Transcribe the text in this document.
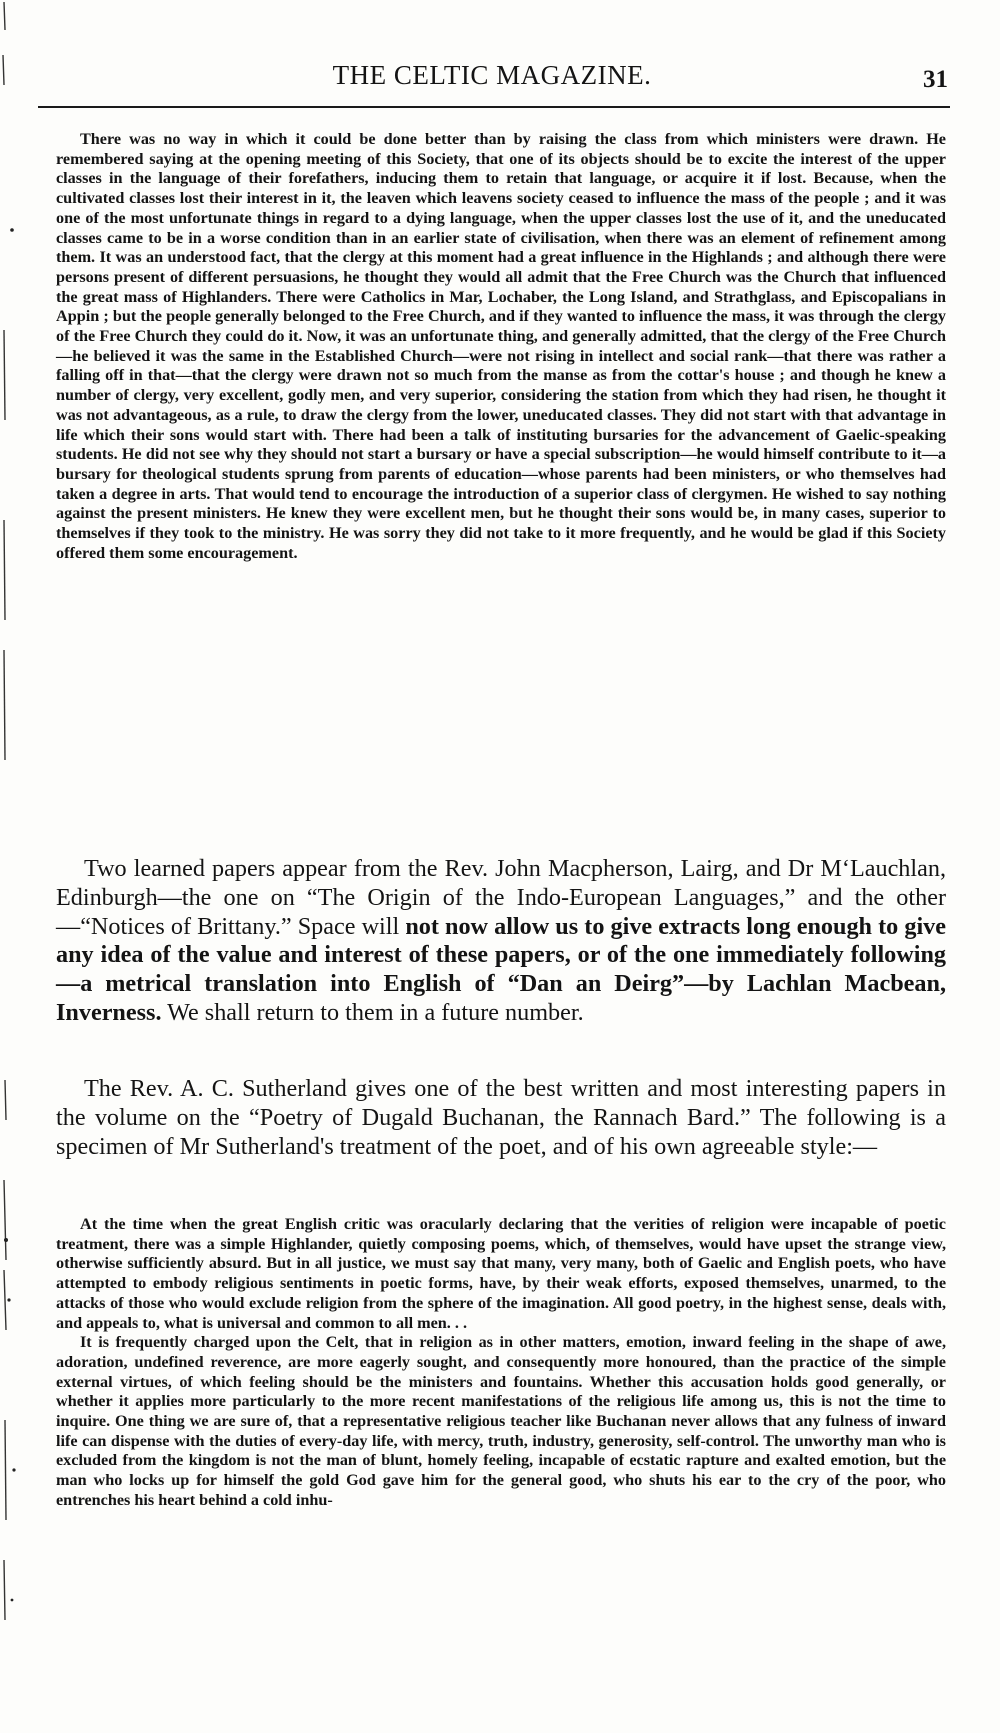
THE CELTIC MAGAZINE.	31

There was no way in which it could be done better than by raising the class from which ministers were drawn. He remembered saying at the opening meeting of this Society, that one of its objects should be to excite the interest of the upper classes in the language of their forefathers, inducing them to retain that language, or acquire it if lost. Because, when the cultivated classes lost their interest in it, the leaven which leavens society ceased to influence the mass of the people ; and it was one of the most unfortunate things in regard to a dying language, when the upper classes lost the use of it, and the uneducated classes came to be in a worse condition than in an earlier state of civilisation, when there was an element of refinement among them. It was an understood fact, that the clergy at this moment had a great influence in the Highlands ; and although there were persons present of different persuasions, he thought they would all admit that the Free Church was the Church that influenced the great mass of Highlanders. There were Catholics in Mar, Lochaber, the Long Island, and Strathglass, and Episcopalians in Appin ; but the people generally belonged to the Free Church, and if they wanted to influence the mass, it was through the clergy of the Free Church they could do it. Now, it was an unfortunate thing, and generally admitted, that the clergy of the Free Church—he believed it was the same in the Established Church—were not rising in intellect and social rank—that there was rather a falling off in that—that the clergy were drawn not so much from the manse as from the cottar's house ; and though he knew a number of clergy, very excellent, godly men, and very superior, considering the station from which they had risen, he thought it was not advantageous, as a rule, to draw the clergy from the lower, uneducated classes. They did not start with that advantage in life which their sons would start with. There had been a talk of instituting bursaries for the advancement of Gaelic-speaking students. He did not see why they should not start a bursary or have a special subscription—he would himself contribute to it—a bursary for theological students sprung from parents of education—whose parents had been ministers, or who themselves had taken a degree in arts. That would tend to encourage the introduction of a superior class of clergymen. He wished to say nothing against the present ministers. He knew they were excellent men, but he thought their sons would be, in many cases, superior to themselves if they took to the ministry. He was sorry they did not take to it more frequently, and he would be glad if this Society offered them some encouragement.

Two learned papers appear from the Rev. John Macpherson, Lairg, and Dr M‘Lauchlan, Edinburgh—the one on “The Origin of the Indo-European Languages,” and the other—“Notices of Brittany.” Space will not now allow us to give extracts long enough to give any idea of the value and interest of these papers, or of the one immediately following—a metrical translation into English of “Dan an Deirg”—by Lachlan Macbean, Inverness. We shall return to them in a future number.

The Rev. A. C. Sutherland gives one of the best written and most interesting papers in the volume on the “Poetry of Dugald Buchanan, the Rannach Bard.” The following is a specimen of Mr Sutherland's treatment of the poet, and of his own agreeable style:—

At the time when the great English critic was oracularly declaring that the verities of religion were incapable of poetic treatment, there was a simple Highlander, quietly composing poems, which, of themselves, would have upset the strange view, otherwise sufficiently absurd. But in all justice, we must say that many, very many, both of Gaelic and English poets, who have attempted to embody religious sentiments in poetic forms, have, by their weak efforts, exposed themselves, unarmed, to the attacks of those who would exclude religion from the sphere of the imagination. All good poetry, in the highest sense, deals with, and appeals to, what is universal and common to all men. . .

It is frequently charged upon the Celt, that in religion as in other matters, emotion, inward feeling in the shape of awe, adoration, undefined reverence, are more eagerly sought, and consequently more honoured, than the practice of the simple external virtues, of which feeling should be the ministers and fountains. Whether this accusation holds good generally, or whether it applies more particularly to the more recent manifestations of the religious life among us, this is not the time to inquire. One thing we are sure of, that a representative religious teacher like Buchanan never allows that any fulness of inward life can dispense with the duties of every-day life, with mercy, truth, industry, generosity, self-control. The unworthy man who is excluded from the kingdom is not the man of blunt, homely feeling, incapable of ecstatic rapture and exalted emotion, but the man who locks up for himself the gold God gave him for the general good, who shuts his ear to the cry of the poor, who entrenches his heart behind a cold inhu-
